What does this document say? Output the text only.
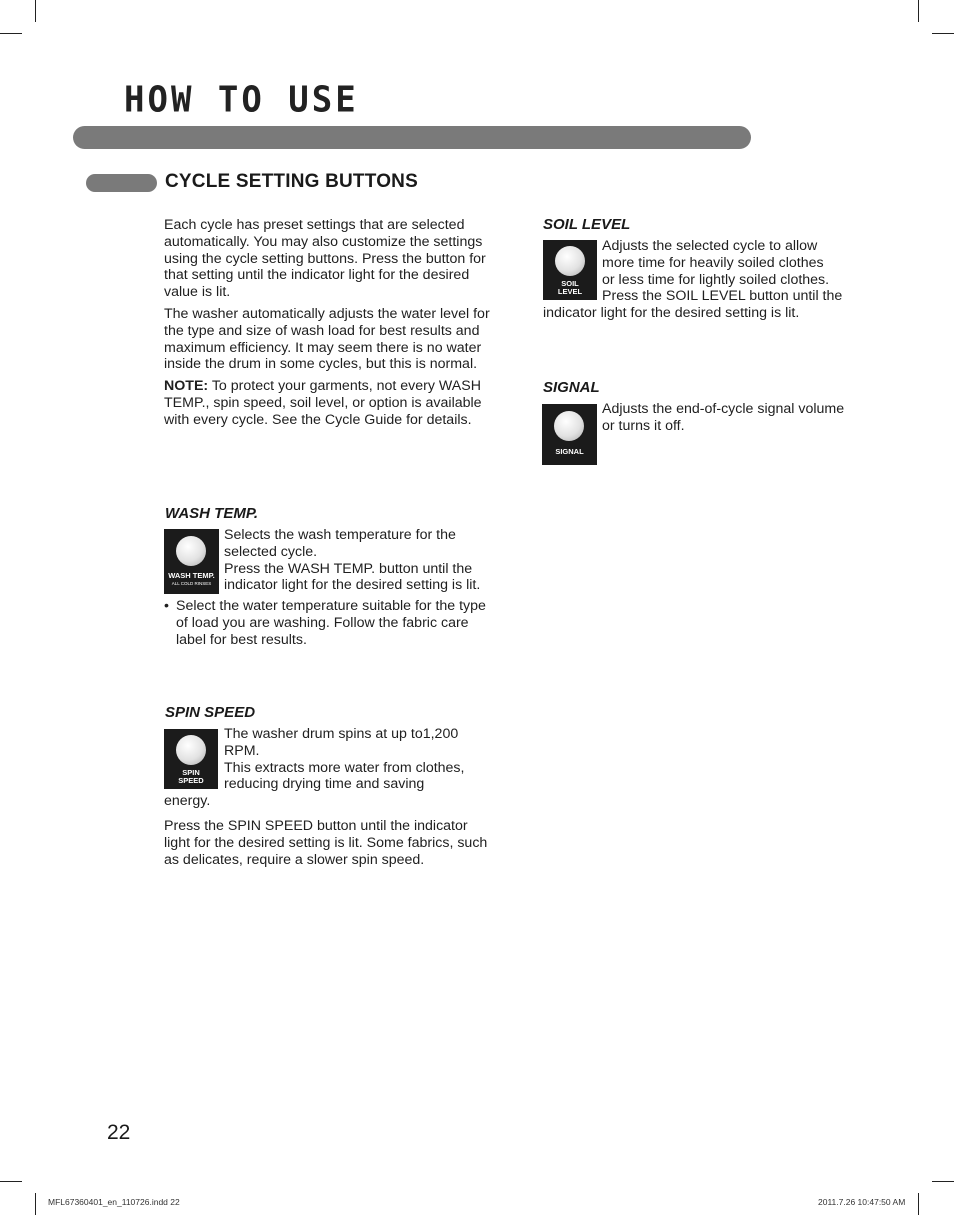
HOW TO USE
CYCLE SETTING BUTTONS

Each cycle has preset settings that are selected automatically. You may also customize the settings using the cycle setting buttons. Press the button for that setting until the indicator light for the desired value is lit.

The washer automatically adjusts the water level for the type and size of wash load for best results and maximum efficiency. It may seem there is no water inside the drum in some cycles, but this is normal.

NOTE: To protect your garments, not every WASH TEMP., spin speed, soil level, or option is available with every cycle. See the Cycle Guide for details.

WASH TEMP.
WASH TEMP.
ALL COLD RINSES
Selects the wash temperature for the
selected cycle.
Press the WASH TEMP. button until the
indicator light for the desired setting is lit.
• Select the water temperature suitable for the type of load you are washing. Follow the fabric care label for best results.
SPIN SPEED
SPIN
SPEED
The washer drum spins at up to1,200
RPM.
This extracts more water from clothes,
reducing drying time and saving
energy.
Press the SPIN SPEED button until the indicator light for the desired setting is lit. Some fabrics, such as delicates, require a slower spin speed.
SOIL LEVEL
SOIL
LEVEL
Adjusts the selected cycle to allow
more time for heavily soiled clothes
or less time for lightly soiled clothes.
Press the SOIL LEVEL button until the
indicator light for the desired setting is lit.
SIGNAL
SIGNAL
Adjusts the end-of-cycle signal volume
or turns it off.
22
MFL67360401_en_110726.indd 22	2011.7.26 10:47:50 AM
